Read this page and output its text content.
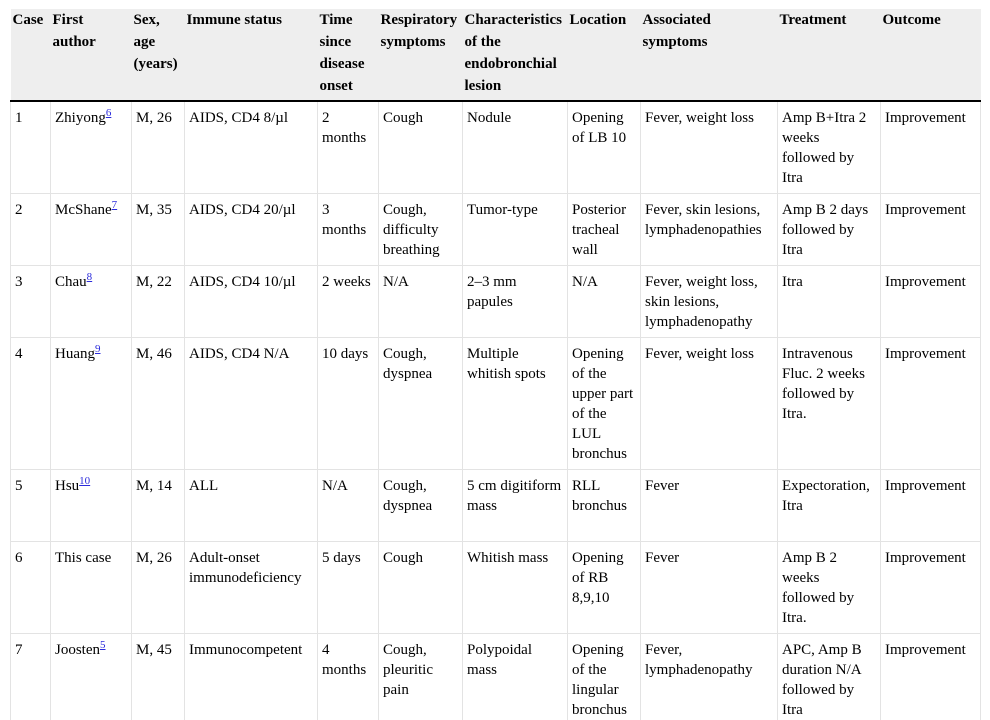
Case	First author	Sex, age (years)	Immune status	Time since disease onset	Respiratory symptoms	Characteristics of the endobronchial lesion	Location	Associated symptoms	Treatment	Outcome
1	Zhiyong$^6$	M, 26	AIDS, CD4 8/µl	2 months	Cough	Nodule	Opening of LB 10	Fever, weight loss	Amp B+Itra 2 weeks followed by Itra	Improvement
2	McShane$^7$	M, 35	AIDS, CD4 20/µl	3 months	Cough, difficulty breathing	Tumor-type	Posterior tracheal wall	Fever, skin lesions, lymphadenopathies	Amp B 2 days followed by Itra	Improvement
3	Chau$^8$	M, 22	AIDS, CD4 10/µl	2 weeks	N/A	2–3 mm papules	N/A	Fever, weight loss, skin lesions, lymphadenopathy	Itra	Improvement
4	Huang$^9$	M, 46	AIDS, CD4 N/A	10 days	Cough, dyspnea	Multiple whitish spots	Opening of the upper part of the LUL bronchus	Fever, weight loss	Intravenous Fluc. 2 weeks followed by Itra.	Improvement
5	Hsu$^{10}$	M, 14	ALL	N/A	Cough, dyspnea	5 cm digitiform mass	RLL bronchus	Fever	Expectoration, Itra	Improvement
6	This case	M, 26	Adult-onset immunodeficiency	5 days	Cough	Whitish mass	Opening of RB 8,9,10	Fever	Amp B 2 weeks followed by Itra.	Improvement
7	Joosten$^5$	M, 45	Immunocompetent	4 months	Cough, pleuritic pain	Polypoidal mass	Opening of the lingular bronchus	Fever, lymphadenopathy	APC, Amp B duration N/A followed by Itra	Improvement
